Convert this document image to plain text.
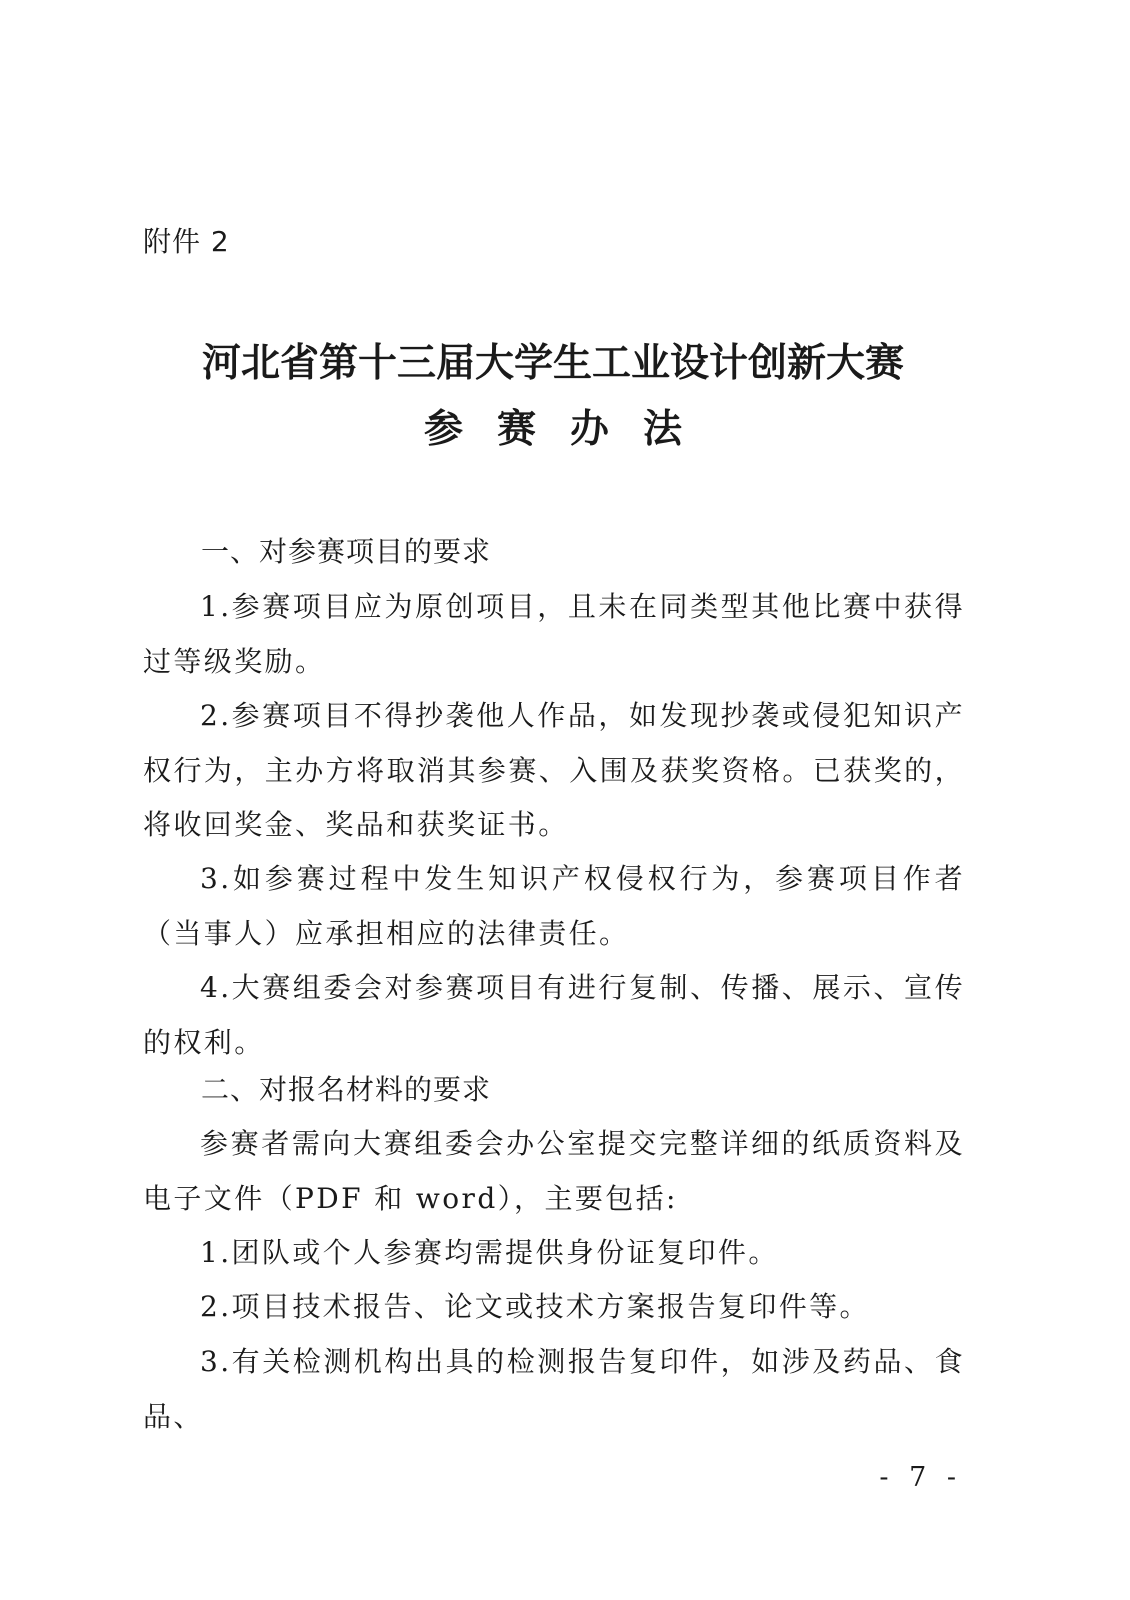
附件 2
河北省第十三届大学生工业设计创新大赛
参赛办法
一、对参赛项目的要求
1.参赛项目应为原创项目，且未在同类型其他比赛中获得过等级奖励。
2.参赛项目不得抄袭他人作品，如发现抄袭或侵犯知识产权行为，主办方将取消其参赛、入围及获奖资格。已获奖的，将收回奖金、奖品和获奖证书。
3.如参赛过程中发生知识产权侵权行为，参赛项目作者（当事人）应承担相应的法律责任。
4.大赛组委会对参赛项目有进行复制、传播、展示、宣传的权利。
二、对报名材料的要求
参赛者需向大赛组委会办公室提交完整详细的纸质资料及电子文件（PDF 和 word），主要包括:
1.团队或个人参赛均需提供身份证复印件。
2.项目技术报告、论文或技术方案报告复印件等。
3.有关检测机构出具的检测报告复印件，如涉及药品、食品、
- 7 -
